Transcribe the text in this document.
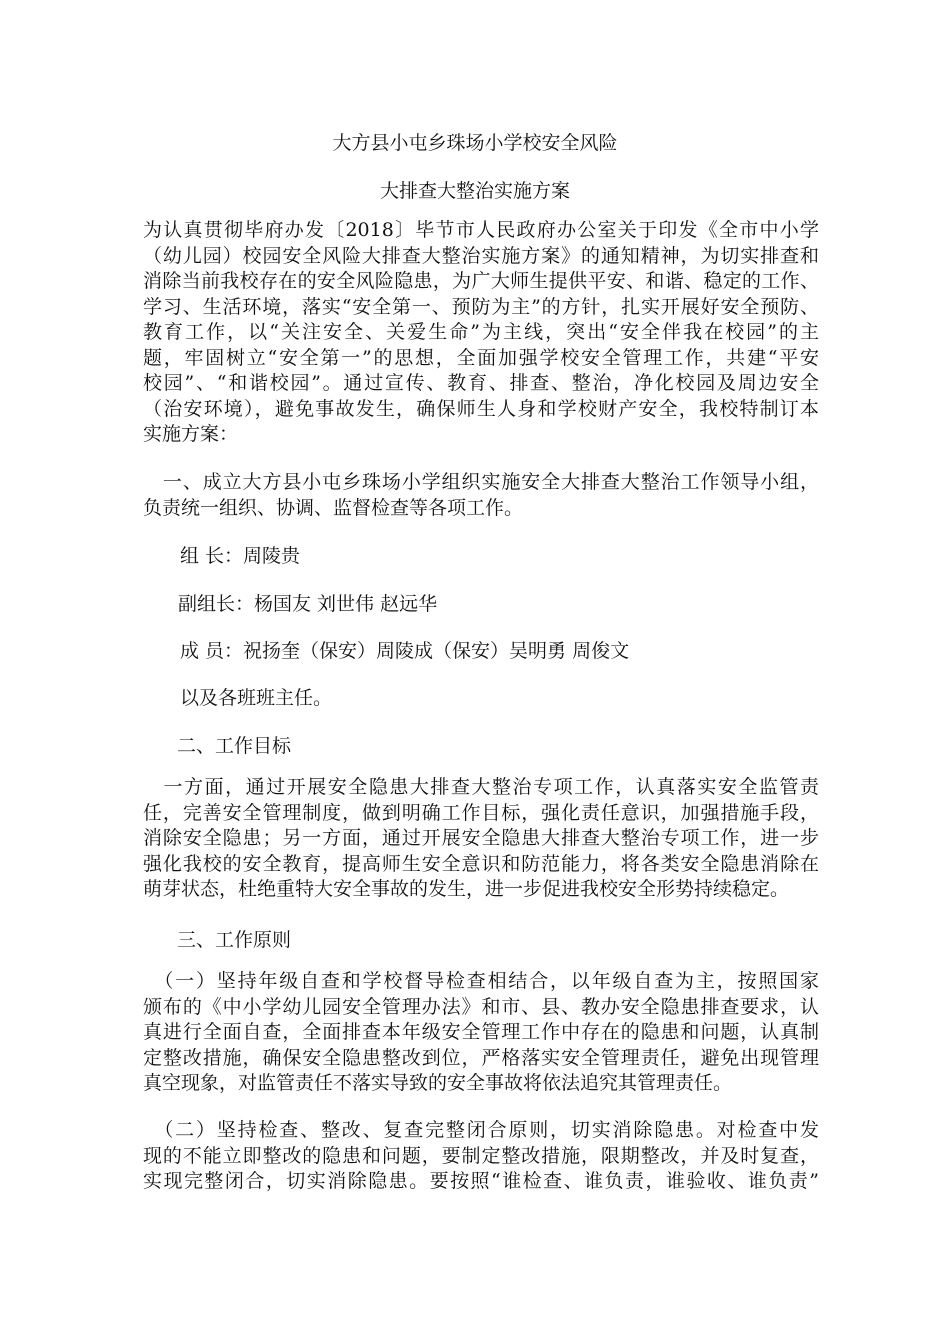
大方县小屯乡珠场小学校安全风险
大排查大整治实施方案
为认真贯彻毕府办发〔2018〕毕节市人民政府办公室关于印发《全市中小学
（幼儿园）校园安全风险大排查大整治实施方案》的通知精神，为切实排查和
消除当前我校存在的安全风险隐患，为广大师生提供平安、和谐、稳定的工作、
学习、生活环境，落实“安全第一、预防为主”的方针，扎实开展好安全预防、
教育工作，以“关注安全、关爱生命”为主线，突出“安全伴我在校园”的主
题，牢固树立“安全第一”的思想，全面加强学校安全管理工作，共建“平安
校园”、“和谐校园”。通过宣传、教育、排查、整治，净化校园及周边安全
（治安环境），避免事故发生，确保师生人身和学校财产安全，我校特制订本
实施方案：
　一、成立大方县小屯乡珠场小学组织实施安全大排查大整治工作领导小组，
负责统一组织、协调、监督检查等各项工作。
组 长：周陵贵
副组长：杨国友 刘世伟 赵远华
成 员：祝扬奎（保安）周陵成（保安）吴明勇 周俊文
以及各班班主任。
二、工作目标
　一方面，通过开展安全隐患大排查大整治专项工作，认真落实安全监管责
任，完善安全管理制度，做到明确工作目标，强化责任意识，加强措施手段，
消除安全隐患；另一方面，通过开展安全隐患大排查大整治专项工作，进一步
强化我校的安全教育，提高师生安全意识和防范能力，将各类安全隐患消除在
萌芽状态，杜绝重特大安全事故的发生，进一步促进我校安全形势持续稳定。
三、工作原则
　（一）坚持年级自查和学校督导检查相结合，以年级自查为主，按照国家
颁布的《中小学幼儿园安全管理办法》和市、县、教办安全隐患排查要求，认
真进行全面自查，全面排查本年级安全管理工作中存在的隐患和问题，认真制
定整改措施，确保安全隐患整改到位，严格落实安全管理责任，避免出现管理
真空现象，对监管责任不落实导致的安全事故将依法追究其管理责任。
　（二）坚持检查、整改、复查完整闭合原则，切实消除隐患。对检查中发
现的不能立即整改的隐患和问题，要制定整改措施，限期整改，并及时复查，
实现完整闭合，切实消除隐患。要按照“谁检查、谁负责，谁验收、谁负责”
